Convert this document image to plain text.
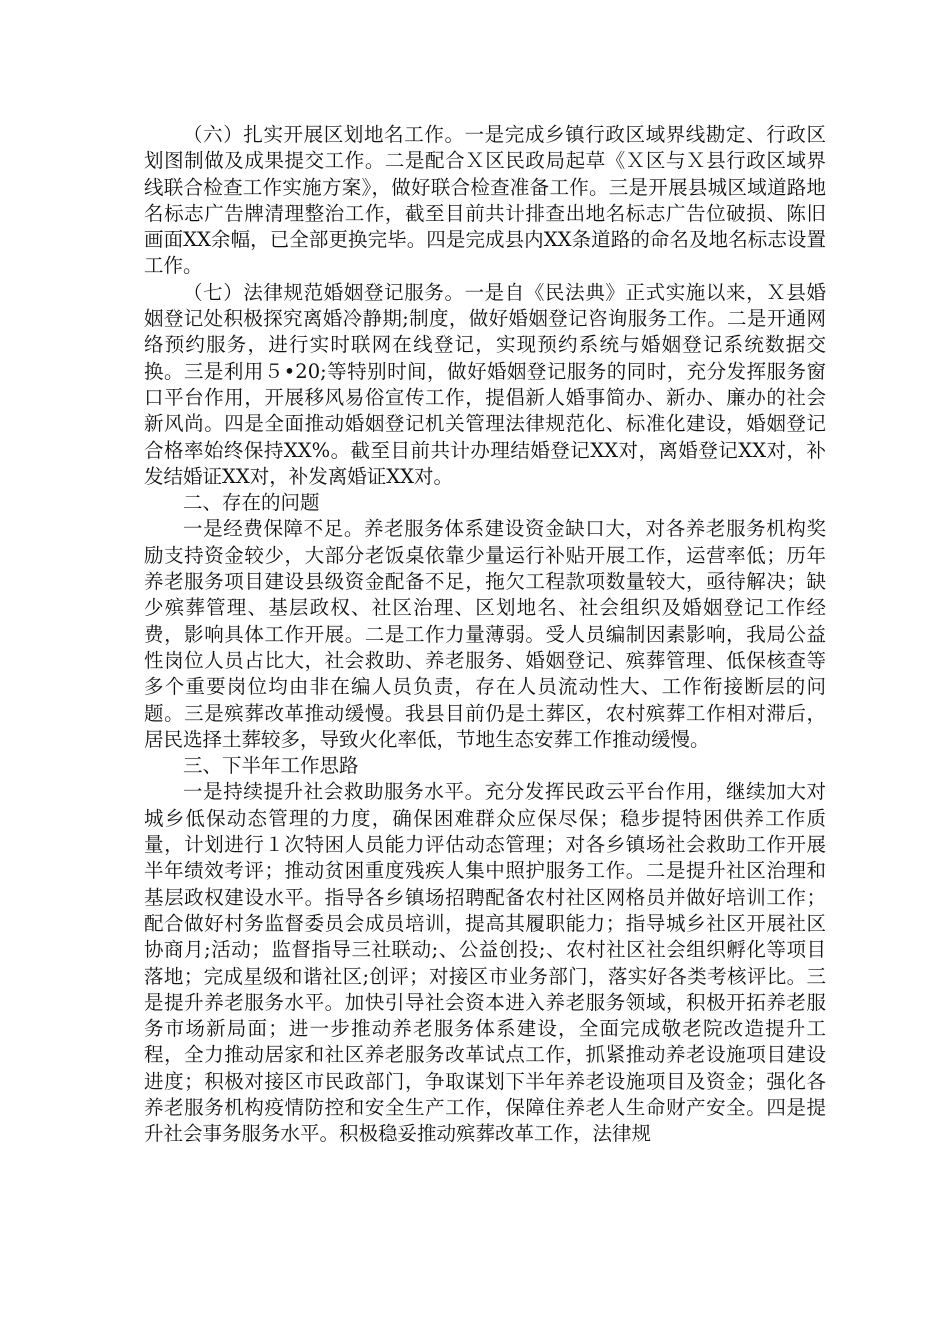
（六）扎实开展区划地名工作。一是完成乡镇行政区域界线勘定、行政区划图制做及成果提交工作。二是配合Ｘ区民政局起草《Ｘ区与Ｘ县行政区域界线联合检查工作实施方案》，做好联合检查准备工作。三是开展县城区域道路地名标志广告牌清理整治工作，截至目前共计排查出地名标志广告位破损、陈旧画面XX余幅，已全部更换完毕。四是完成县内XX条道路的命名及地名标志设置工作。

（七）法律规范婚姻登记服务。一是自《民法典》正式实施以来，Ｘ县婚姻登记处积极探究离婚冷静期;制度，做好婚姻登记咨询服务工作。二是开通网络预约服务，进行实时联网在线登记，实现预约系统与婚姻登记系统数据交换。三是利用５•20;等特别时间，做好婚姻登记服务的同时，充分发挥服务窗口平台作用，开展移风易俗宣传工作，提倡新人婚事简办、新办、廉办的社会新风尚。四是全面推动婚姻登记机关管理法律规范化、标准化建设，婚姻登记合格率始终保持XX%。截至目前共计办理结婚登记XX对，离婚登记XX对，补发结婚证XX对，补发离婚证XX对。

二、存在的问题

一是经费保障不足。养老服务体系建设资金缺口大，对各养老服务机构奖励支持资金较少，大部分老饭桌依靠少量运行补贴开展工作，运营率低；历年养老服务项目建设县级资金配备不足，拖欠工程款项数量较大，亟待解决；缺少殡葬管理、基层政权、社区治理、区划地名、社会组织及婚姻登记工作经费，影响具体工作开展。二是工作力量薄弱。受人员编制因素影响，我局公益性岗位人员占比大，社会救助、养老服务、婚姻登记、殡葬管理、低保核查等多个重要岗位均由非在编人员负责，存在人员流动性大、工作衔接断层的问题。三是殡葬改革推动缓慢。我县目前仍是土葬区，农村殡葬工作相对滞后，居民选择土葬较多，导致火化率低，节地生态安葬工作推动缓慢。

三、下半年工作思路

一是持续提升社会救助服务水平。充分发挥民政云平台作用，继续加大对城乡低保动态管理的力度，确保困难群众应保尽保；稳步提特困供养工作质量，计划进行１次特困人员能力评估动态管理；对各乡镇场社会救助工作开展半年绩效考评；推动贫困重度残疾人集中照护服务工作。二是提升社区治理和基层政权建设水平。指导各乡镇场招聘配备农村社区网格员并做好培训工作；配合做好村务监督委员会成员培训，提高其履职能力；指导城乡社区开展社区协商月;活动；监督指导三社联动;、公益创投;、农村社区社会组织孵化等项目落地；完成星级和谐社区;创评；对接区市业务部门，落实好各类考核评比。三是提升养老服务水平。加快引导社会资本进入养老服务领域，积极开拓养老服务市场新局面；进一步推动养老服务体系建设，全面完成敬老院改造提升工程，全力推动居家和社区养老服务改革试点工作，抓紧推动养老设施项目建设进度；积极对接区市民政部门，争取谋划下半年养老设施项目及资金；强化各养老服务机构疫情防控和安全生产工作，保障住养老人生命财产安全。四是提升社会事务服务水平。积极稳妥推动殡葬改革工作，法律规
